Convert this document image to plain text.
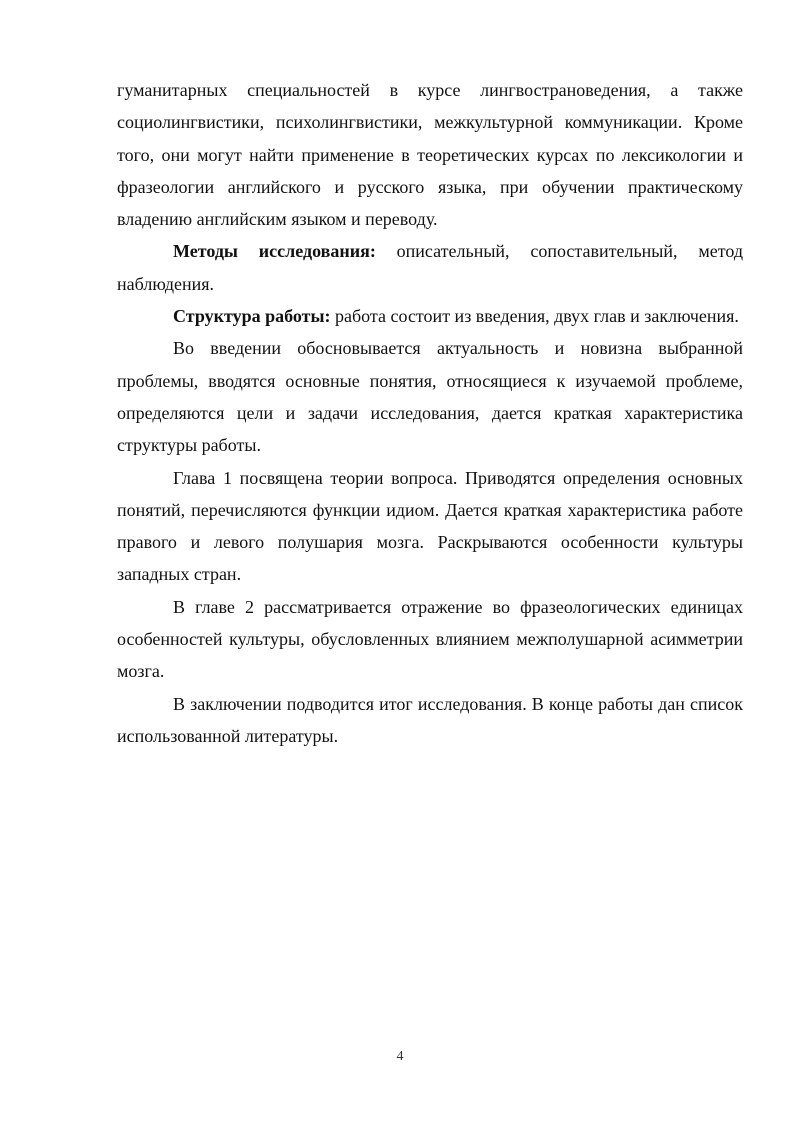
гуманитарных специальностей в курсе лингвострановедения, а также социолингвистики, психолингвистики, межкультурной коммуникации. Кроме того, они могут найти применение в теоретических курсах по лексикологии и фразеологии английского и русского языка, при обучении практическому владению английским языком и переводу.

Методы исследования: описательный, сопоставительный, метод наблюдения.

Структура работы: работа состоит из введения, двух глав и заключения.

Во введении обосновывается актуальность и новизна выбранной проблемы, вводятся основные понятия, относящиеся к изучаемой проблеме, определяются цели и задачи исследования, дается краткая характеристика структуры работы.

Глава 1 посвящена теории вопроса. Приводятся определения основных понятий, перечисляются функции идиом. Дается краткая характеристика работе правого и левого полушария мозга. Раскрываются особенности культуры западных стран.

В главе 2 рассматривается отражение во фразеологических единицах особенностей культуры, обусловленных влиянием межполушарной асимметрии мозга.

В заключении подводится итог исследования. В конце работы дан список использованной литературы.

4
